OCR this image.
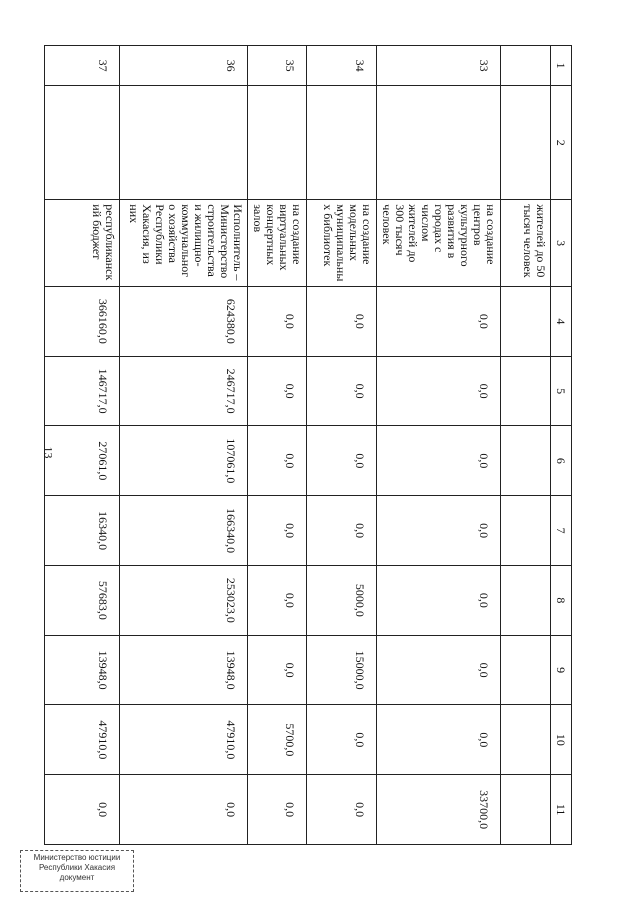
13
1	2	3	4	5	6	7	8	9	10	11
		жителей до 50 тысяч человек								
33		на создание центров культурного развития в городах с числом жителей до 300 тысяч человек	0,0	0,0	0,0	0,0	0,0	0,0	0,0	33700,0
34		на создание модельных муниципальных библиотек	0,0	0,0	0,0	0,0	5000,0	15000,0	0,0	0,0
35		на создание виртуальных концертных залов	0,0	0,0	0,0	0,0	0,0	0,0	5700,0	0,0
36		Исполнитель – Министерство строительства и жилищно-коммунального хозяйства Республики Хакасия, из них	624380,0	246717,0	107061,0	166340,0	253023,0	13948,0	47910,0	0,0
37		республиканский бюджет	366160,0	146717,0	27061,0	16340,0	57683,0	13948,0	47910,0	0,0
Министерство юстиции
Республики Хакасия
документ
